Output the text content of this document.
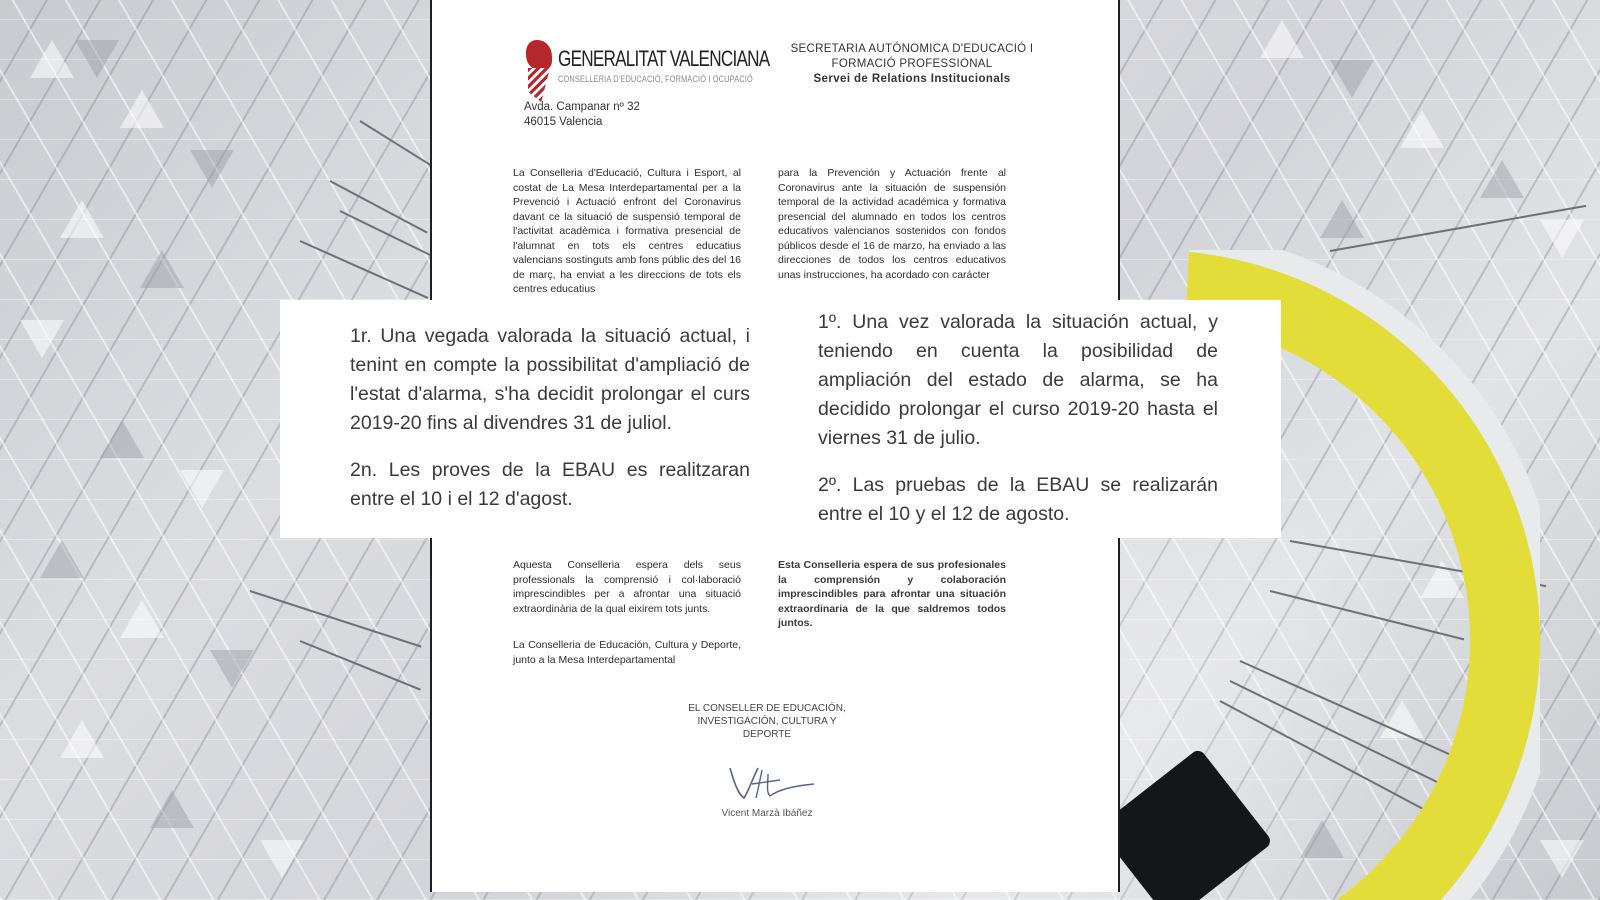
GENERALITAT VALENCIANA
CONSELLERIA D'EDUCACIÓ, FORMACIÓ I OCUPACIÓ
Avda. Campanar nº 32
46015 Valencia
SECRETARIA AUTÓNOMICA D'EDUCACIÓ I
FORMACIÓ PROFESSIONAL
Servei de Relations Institucionals

La Conselleria d'Educació, Cultura i Esport, al costat de La Mesa Interdepartamental per a la Prevenció i Actuació enfront del Coronavirus davant ce la situació de suspensió temporal de l'activitat acadèmica i formativa presencial de l'alumnat en tots els centres educatius valencians sostinguts amb fons públic des del 16 de març, ha enviat a les direccions de tots els centres educatius

para la Prevención y Actuación frente al Coronavirus ante la situación de suspensión temporal de la actividad académica y formativa presencial del alumnado en todos los centros educativos valencianos sostenidos con fondos públicos desde el 16 de marzo, ha enviado a las direcciones de todos los centros educativos unas instrucciones, ha acordado con carácter

Aquesta Conselleria espera dels seus professionals la comprensió i col·laboració imprescindibles per a afrontar una situació extraordinària de la qual eixirem tots junts.

Esta Conselleria espera de sus profesionales la comprensión y colaboración imprescindibles para afrontar una situación extraordinaria de la que saldremos todos juntos.

La Conselleria de Educación, Cultura y Deporte, junto a la Mesa Interdepartamental

EL CONSELLER DE EDUCACIÓN,
INVESTIGACIÓN, CULTURA Y
DEPORTE
Vicent Marzà Ibáñez

1r. Una vegada valorada la situació actual, i tenint en compte la possibilitat d'ampliació de l'estat d'alarma, s'ha decidit prolongar el curs 2019-20 fins al divendres 31 de juliol.

2n. Les proves de la EBAU es realitzaran entre el 10 i el 12 d'agost.

1º. Una vez valorada la situación actual, y teniendo en cuenta la posibilidad de ampliación del estado de alarma, se ha decidido prolongar el curso 2019-20 hasta el viernes 31 de julio.

2º. Las pruebas de la EBAU se realizarán entre el 10 y el 12 de agosto.
